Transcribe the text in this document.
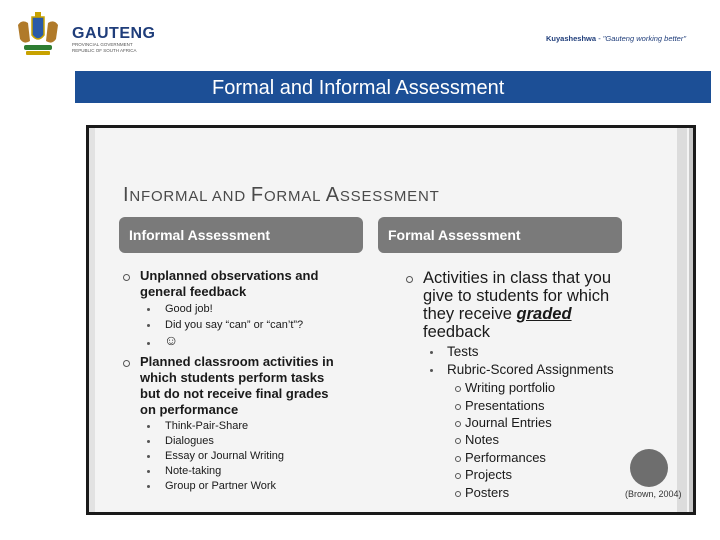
GAUTENG
PROVINCIAL GOVERNMENT
REPUBLIC OF SOUTH AFRICA
Kuyasheshwa - "Gauteng working better"
Formal and Informal Assessment
INFORMAL AND FORMAL ASSESSMENT
Informal Assessment	Formal Assessment
Unplanned observations and
general feedback
Good job!
Did you say “can” or “can’t”?
☺
Planned classroom activities in
which students perform tasks
but do not receive final grades
on performance
Think-Pair-Share
Dialogues
Essay or Journal Writing
Note-taking
Group or Partner Work
Activities in class that you
give to students for which
they receive graded
feedback
Tests
Rubric-Scored Assignments
Writing portfolio
Presentations
Journal Entries
Notes
Performances
Projects
Posters	(Brown, 2004)
